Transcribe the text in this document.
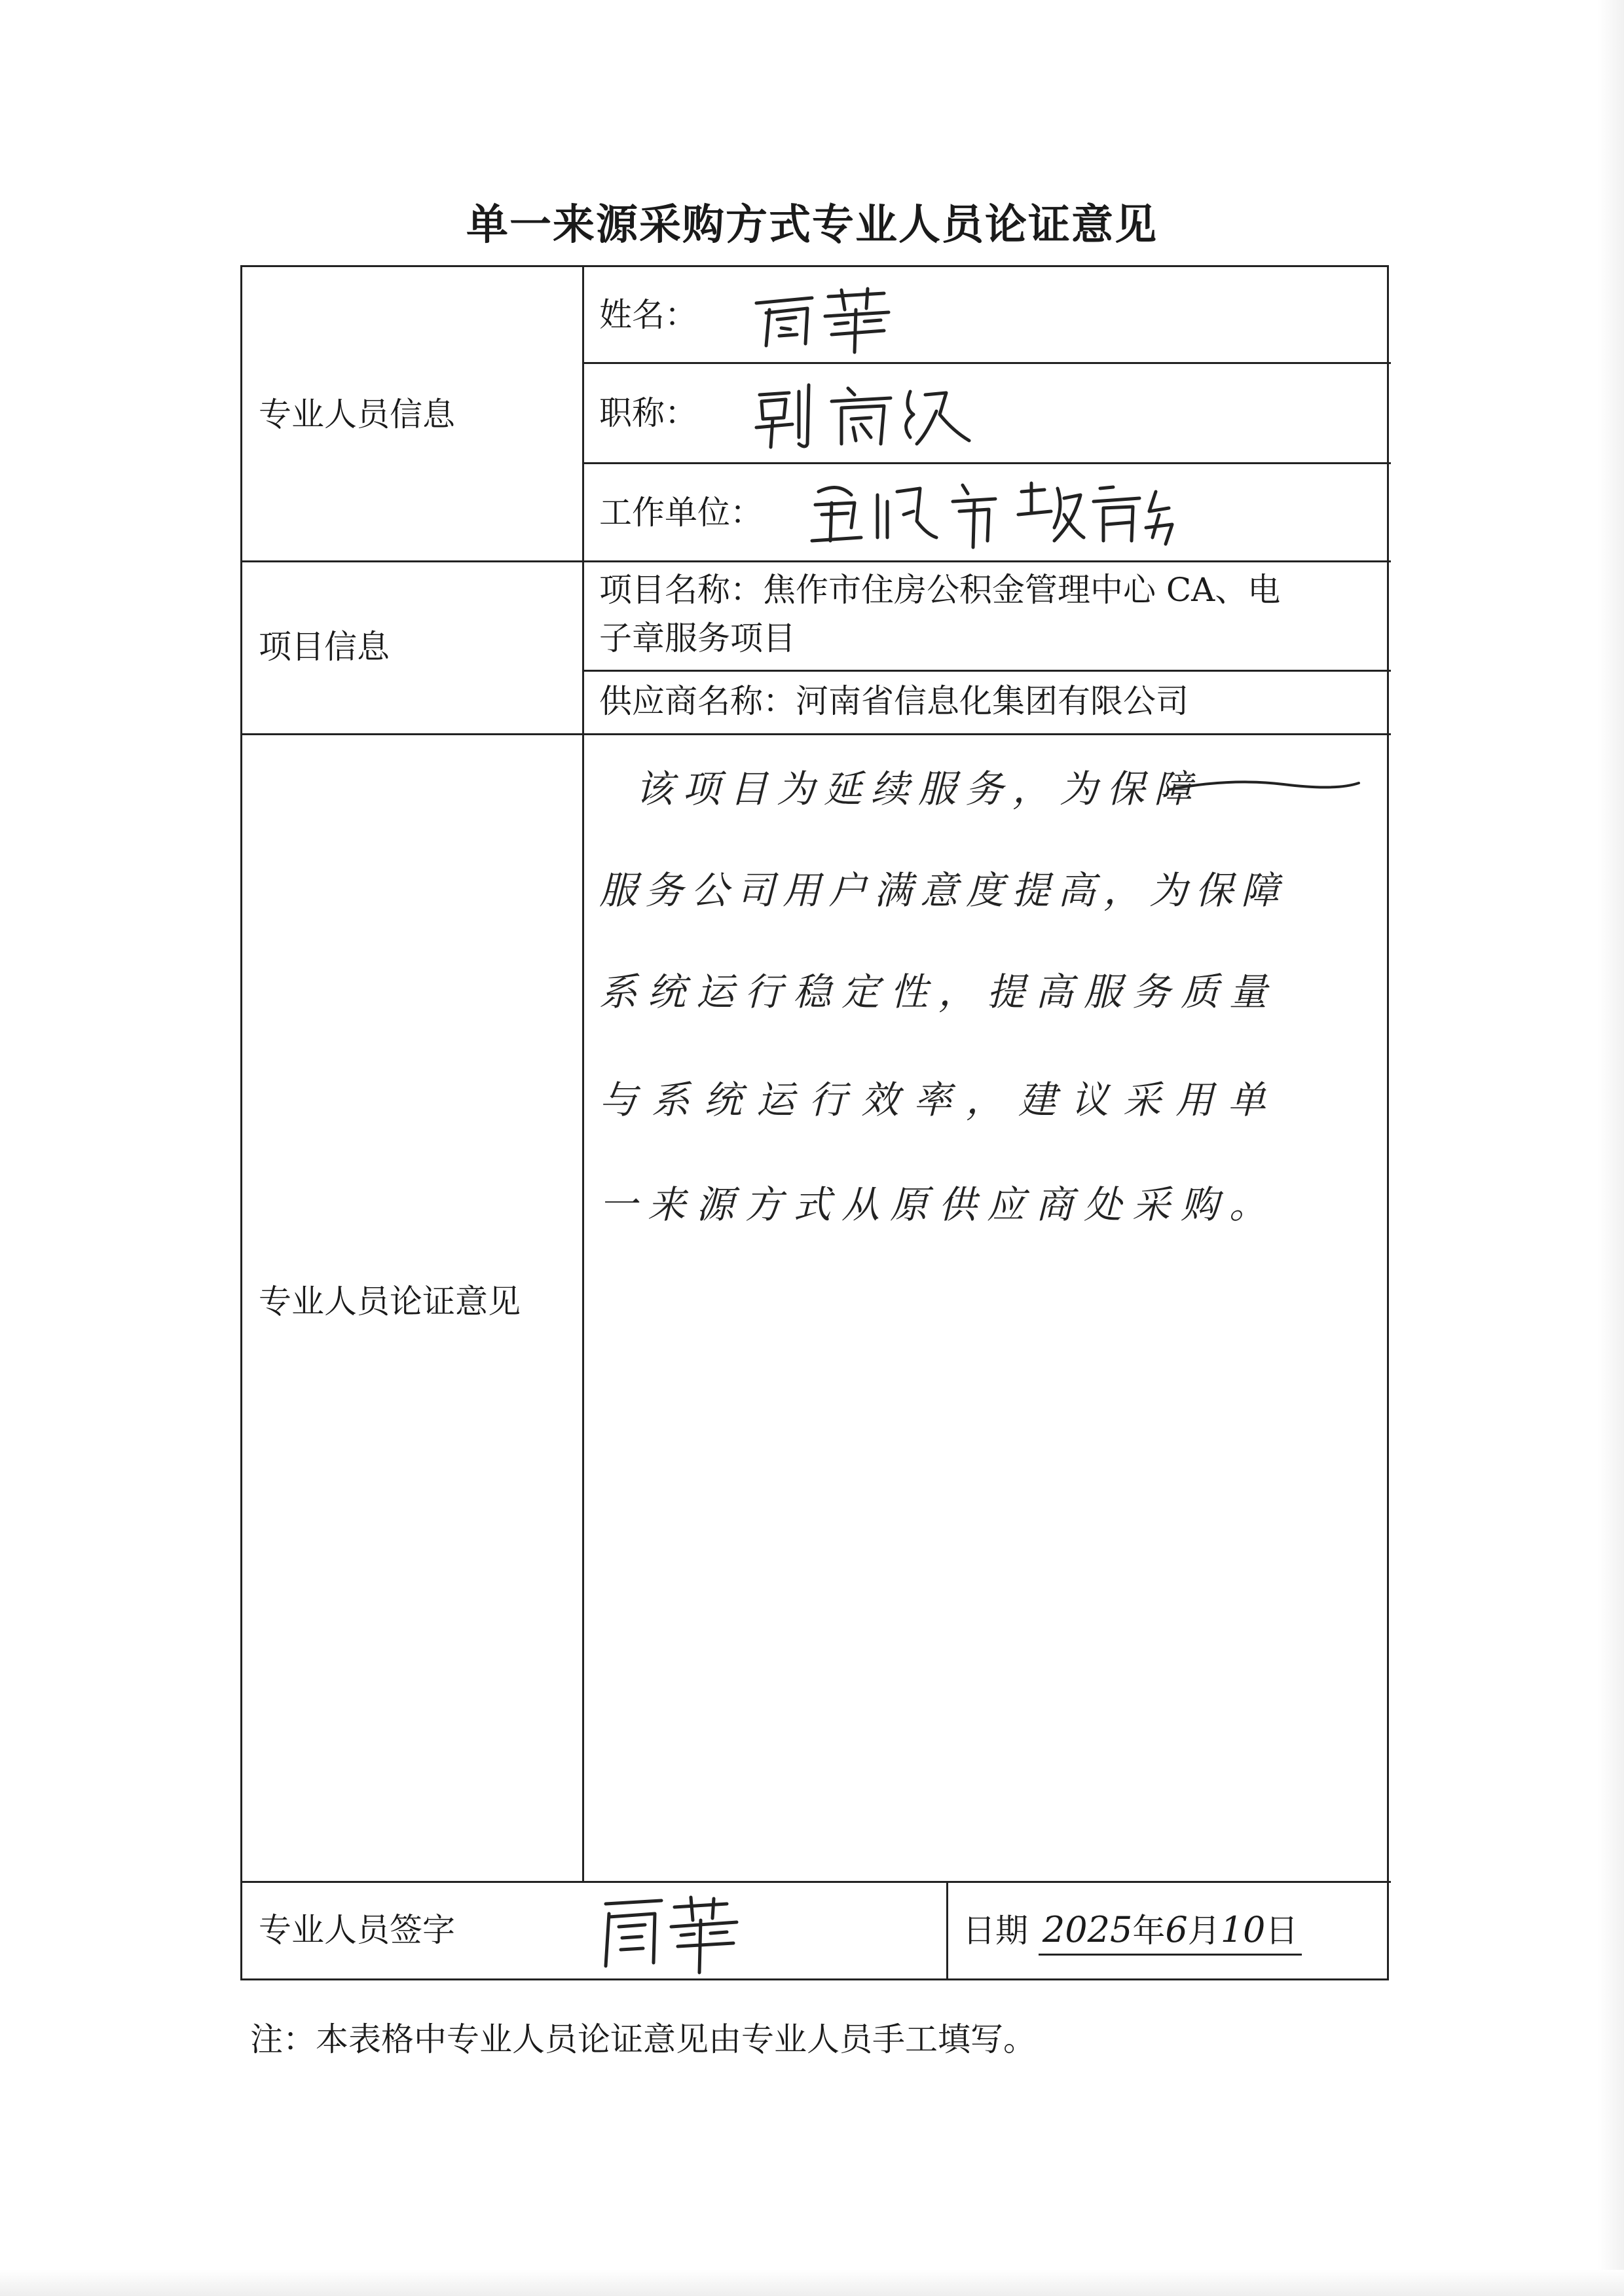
单一来源采购方式专业人员论证意见
专业人员信息
项目信息
专业人员论证意见
专业人员签字
姓名：
职称：
工作单位：
项目名称：焦作市住房公积金管理中心 CA、电
子章服务项目
供应商名称：河南省信息化集团有限公司
该项目为延续服务，为保障
服务公司用户满意度提高，为保障
系统运行稳定性，提高服务质量
与系统运行效率，建议采用单
一来源方式从原供应商处采购。
日期 2025年6月10日
注：本表格中专业人员论证意见由专业人员手工填写。
